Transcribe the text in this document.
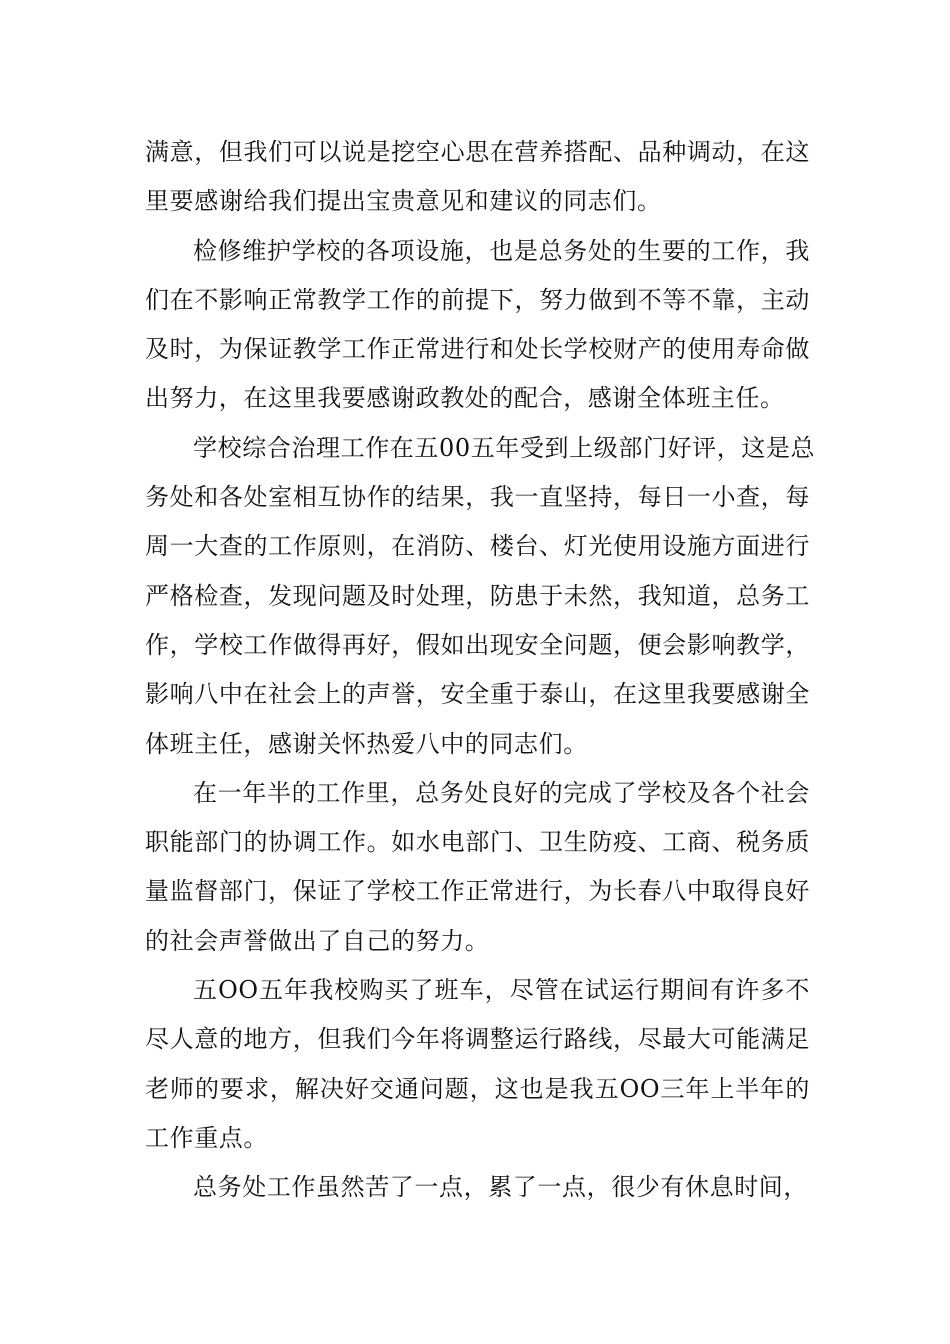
满意，但我们可以说是挖空心思在营养搭配、品种调动，在这
里要感谢给我们提出宝贵意见和建议的同志们。
检修维护学校的各项设施，也是总务处的生要的工作，我
们在不影响正常教学工作的前提下，努力做到不等不靠，主动
及时，为保证教学工作正常进行和处长学校财产的使用寿命做
出努力，在这里我要感谢政教处的配合，感谢全体班主任。
学校综合治理工作在五00五年受到上级部门好评，这是总
务处和各处室相互协作的结果，我一直坚持，每日一小查，每
周一大查的工作原则，在消防、楼台、灯光使用设施方面进行
严格检查，发现问题及时处理，防患于未然，我知道，总务工
作，学校工作做得再好，假如出现安全问题，便会影响教学，
影响八中在社会上的声誉，安全重于泰山，在这里我要感谢全
体班主任，感谢关怀热爱八中的同志们。
在一年半的工作里，总务处良好的完成了学校及各个社会
职能部门的协调工作。如水电部门、卫生防疫、工商、税务质
量监督部门，保证了学校工作正常进行，为长春八中取得良好
的社会声誉做出了自己的努力。
五OO五年我校购买了班车，尽管在试运行期间有许多不
尽人意的地方，但我们今年将调整运行路线，尽最大可能满足
老师的要求，解决好交通问题，这也是我五OO三年上半年的
工作重点。
总务处工作虽然苦了一点，累了一点，很少有休息时间，
